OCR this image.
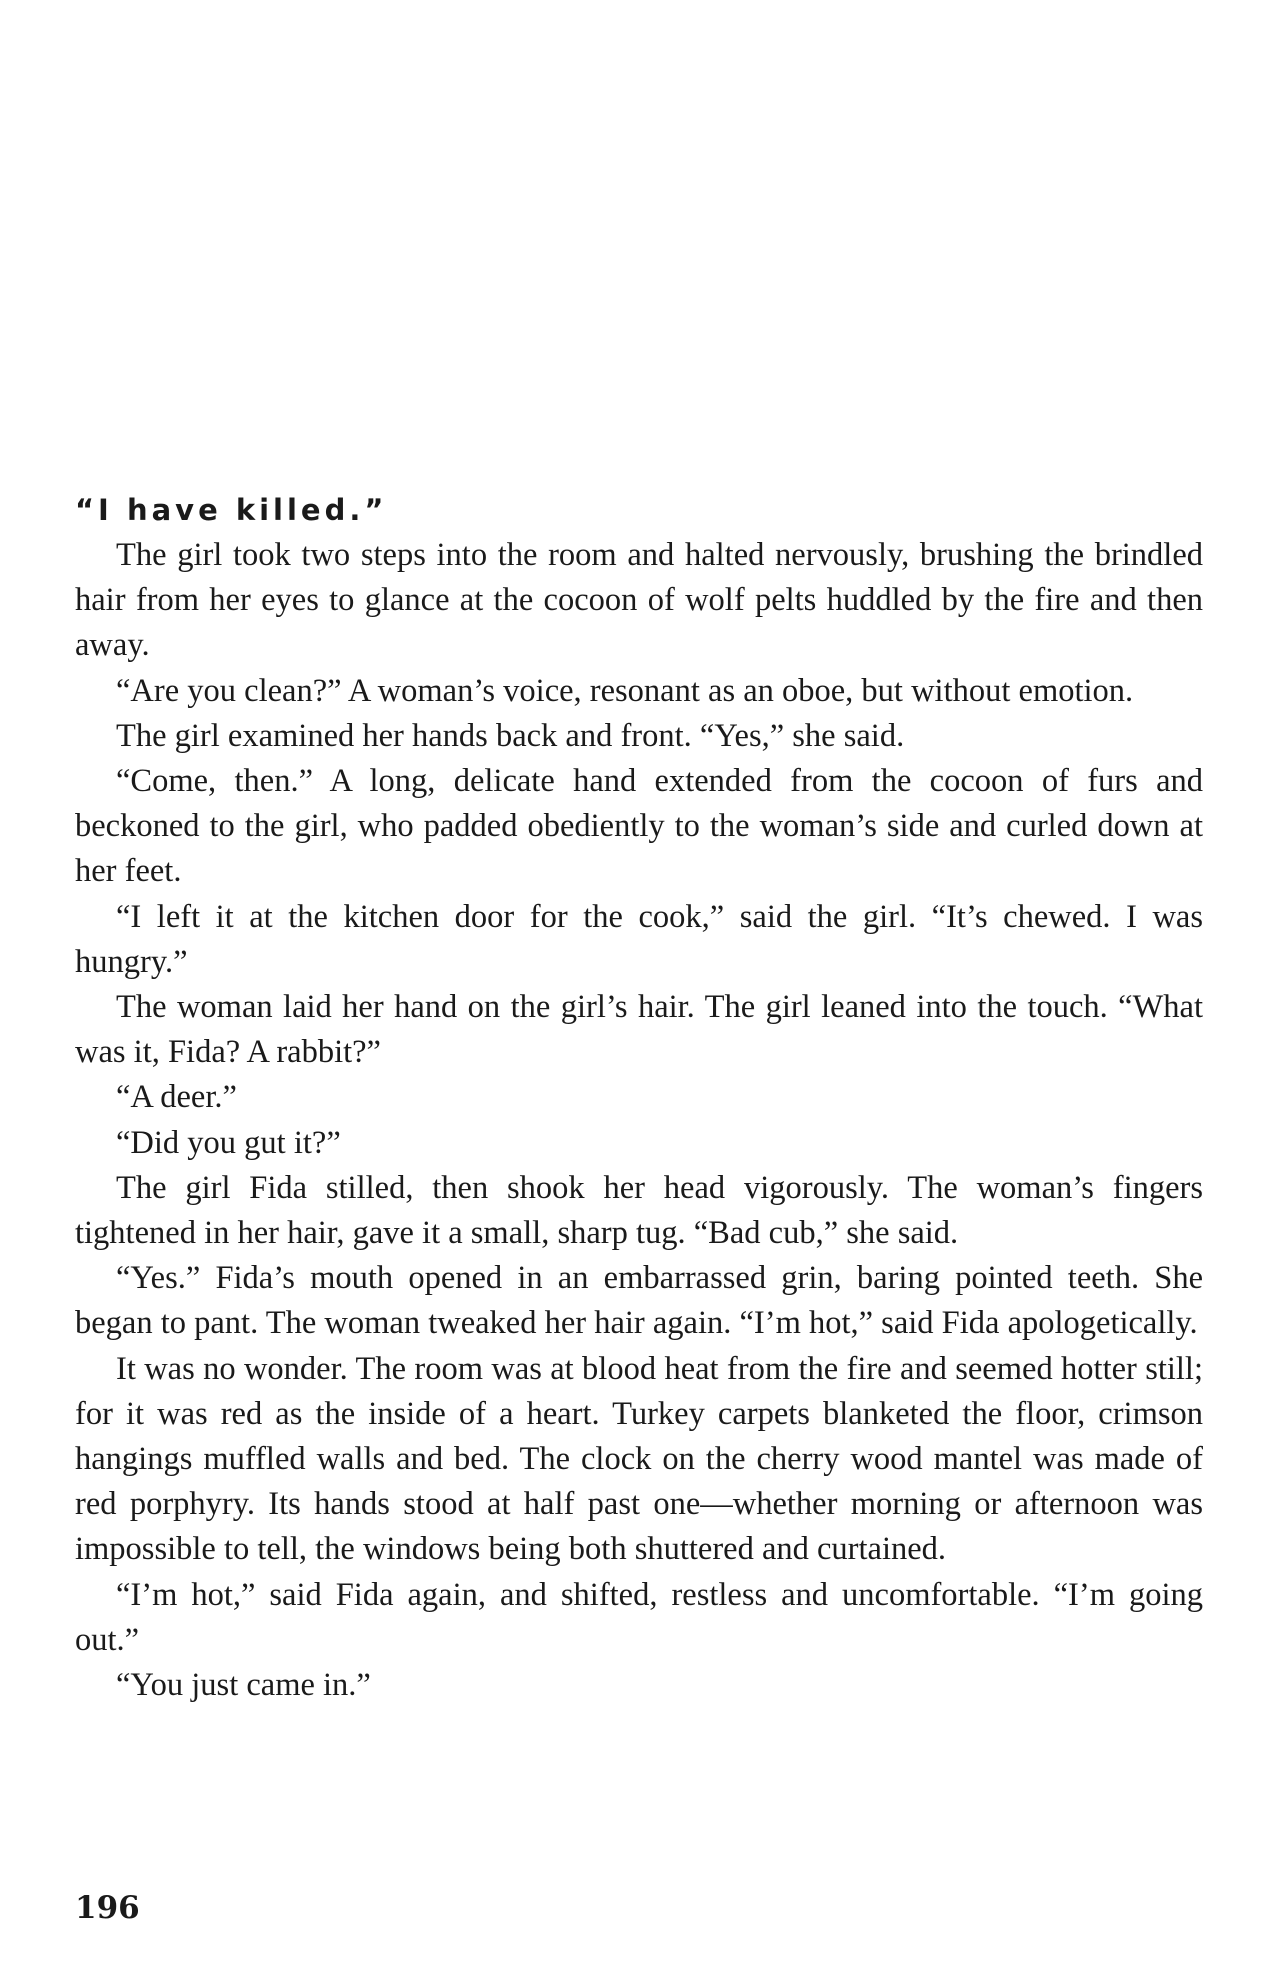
“I have killed.”

The girl took two steps into the room and halted nervously, brushing the brindled hair from her eyes to glance at the cocoon of wolf pelts huddled by the fire and then away.

“Are you clean?” A woman’s voice, resonant as an oboe, but without emotion.

The girl examined her hands back and front. “Yes,” she said.

“Come, then.” A long, delicate hand extended from the cocoon of furs and beckoned to the girl, who padded obediently to the woman’s side and curled down at her feet.

“I left it at the kitchen door for the cook,” said the girl. “It’s chewed. I was hungry.”

The woman laid her hand on the girl’s hair. The girl leaned into the touch. “What was it, Fida? A rabbit?”

“A deer.”

“Did you gut it?”

The girl Fida stilled, then shook her head vigorously. The woman’s fingers tightened in her hair, gave it a small, sharp tug. “Bad cub,” she said.

“Yes.” Fida’s mouth opened in an embarrassed grin, baring pointed teeth. She began to pant. The woman tweaked her hair again. “I’m hot,” said Fida apologetically.

It was no wonder. The room was at blood heat from the fire and seemed hotter still; for it was red as the inside of a heart. Turkey carpets blanketed the floor, crimson hangings muffled walls and bed. The clock on the cherry wood mantel was made of red porphyry. Its hands stood at half past one—whether morning or afternoon was impossible to tell, the windows being both shuttered and curtained.

“I’m hot,” said Fida again, and shifted, restless and uncomfortable. “I’m going out.”

“You just came in.”

196
